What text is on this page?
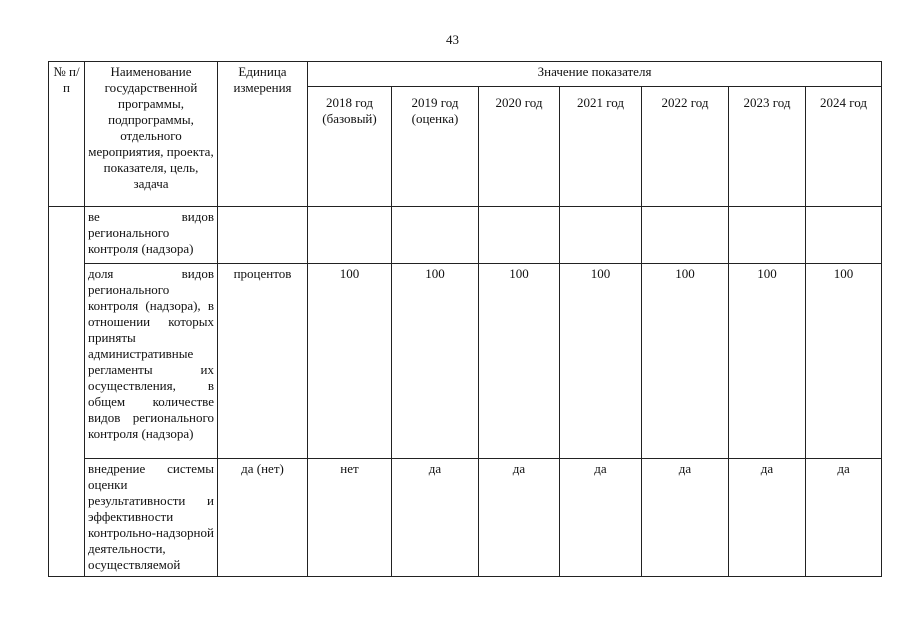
43
№ п/п	Наименование государственной программы, подпрограммы, отдельного мероприятия, проекта, показателя, цель, задача	Единица измерения	Значение показателя						
			2018 год (базовый)	2019 год (оценка)	2020 год	2021 год	2022 год	2023 год	2024 год
	ве видов регионального контроля (надзора)								
	доля видов регионального контроля (надзора), в отношении которых приняты административные регламенты их осуществления, в общем количестве видов регионального контроля (надзора)	процентов	100	100	100	100	100	100	100
	внедрение системы оценки результативности и эффективности контрольно-надзорной деятельности, осуществляемой	да (нет)	нет	да	да	да	да	да	да
